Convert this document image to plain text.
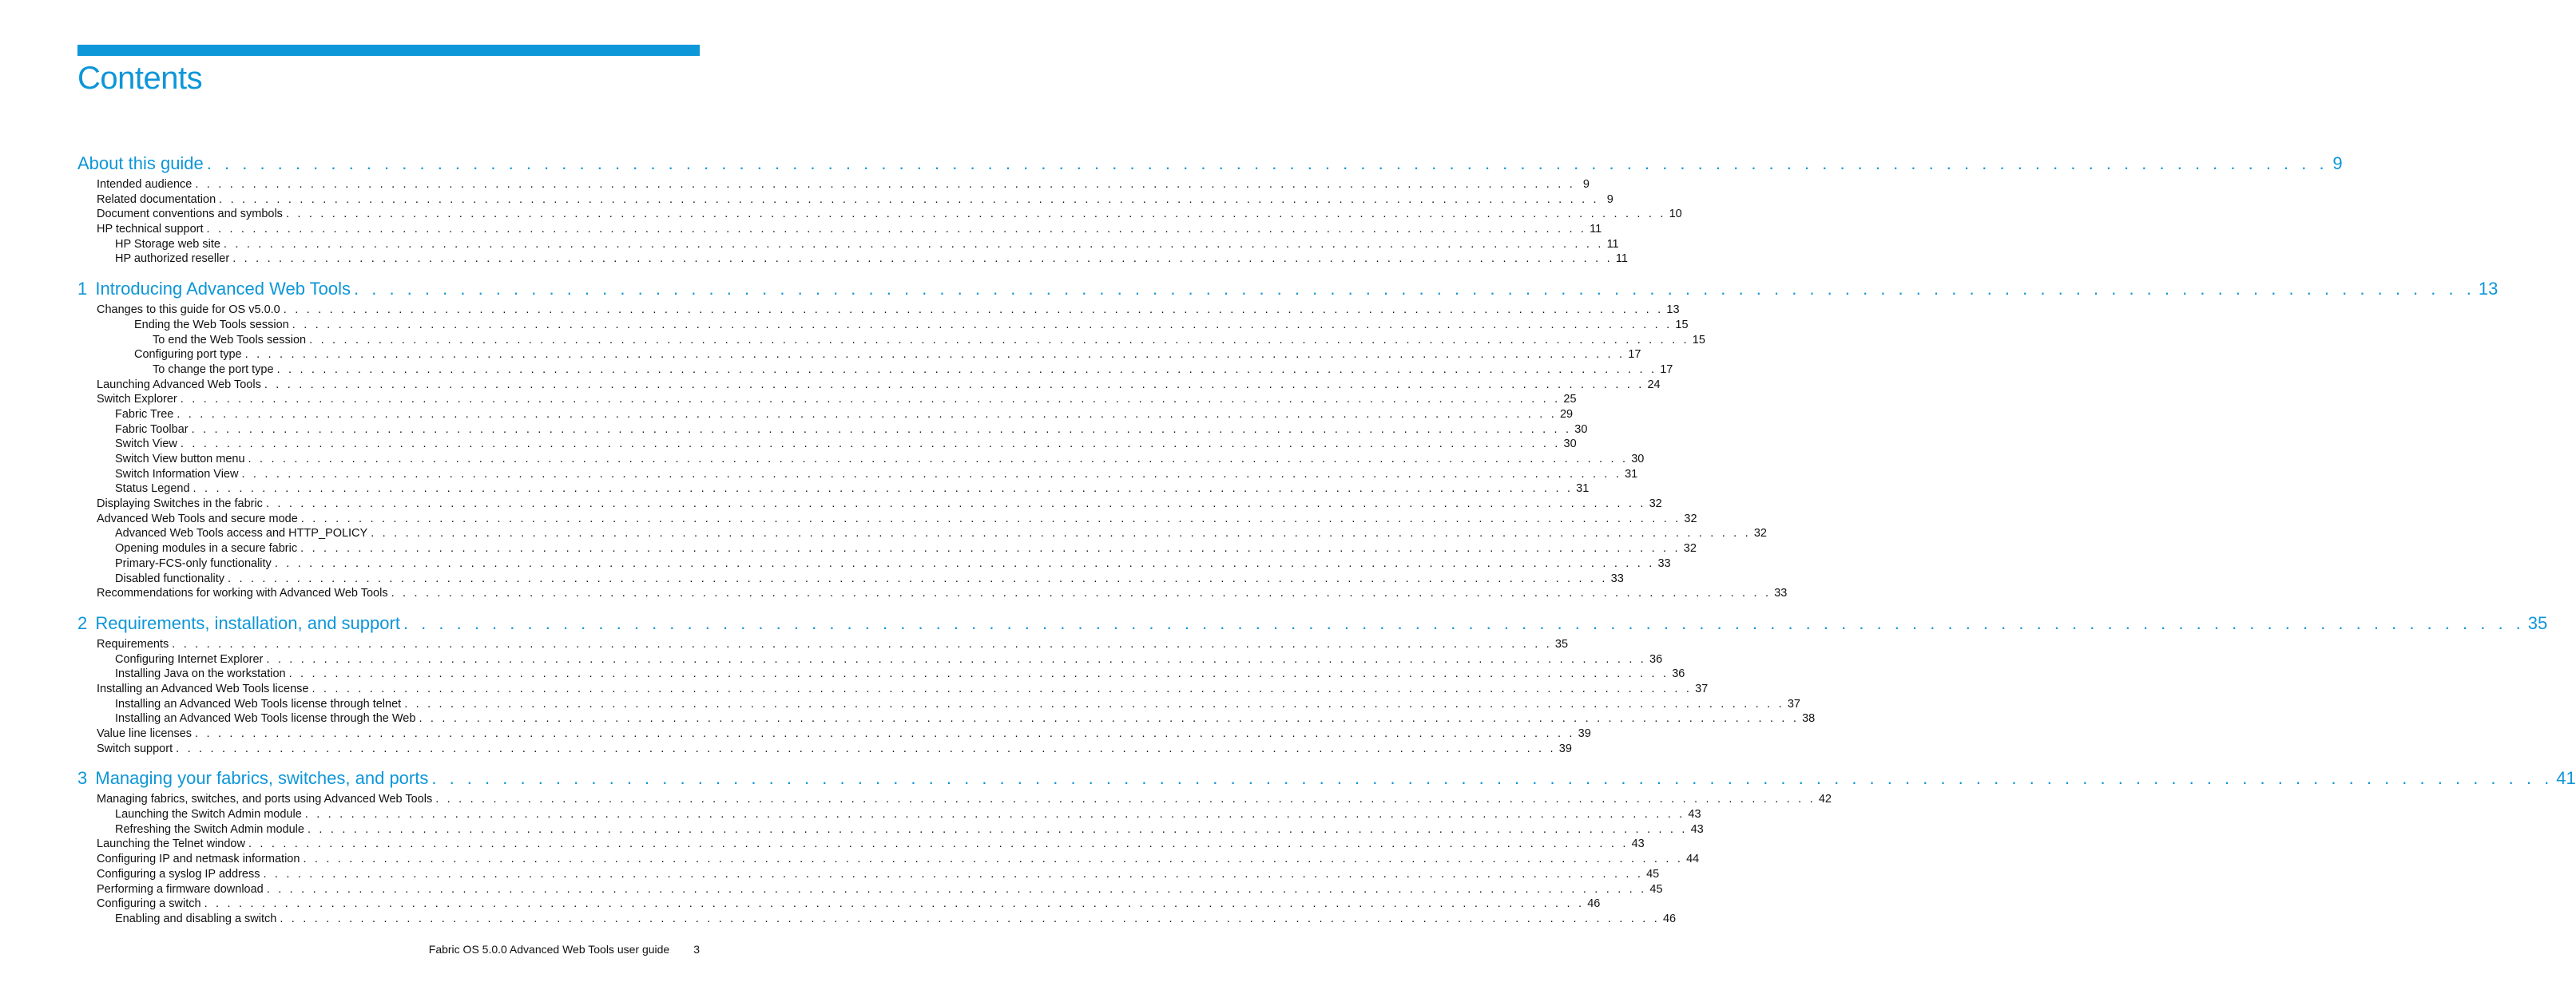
Contents
About this guide . . . . . . . . . . . . . . . . . . . . . . . . . . . . . . . . . . . . . . . . . . . . . . . . . . . . . . . . . . . . . . . . . . . . . . . . . . . . . . . . . . . . . . . . . . . . . . . . . . . . . . . . . . . . . . . . . . . . . . . . 9
Intended audience . . . . . . . . . . . . . . . . . . . . . . . . . . . . . . . . . . . . . . . . . . . . . . . . . . . . . . . . . . . . . . . . . . . . . . . . . . . . . . . . . . . . . . . . . . . . . . . . . . . . . . . . . . . . . . . . . . . . . . . . 9
Related documentation . . . . . . . . . . . . . . . . . . . . . . . . . . . . . . . . . . . . . . . . . . . . . . . . . . . . . . . . . . . . . . . . . . . . . . . . . . . . . . . . . . . . . . . . . . . . . . . . . . . . . . . . . . . . . . . . . . . . . . . . 9
Document conventions and symbols . . . . . . . . . . . . . . . . . . . . . . . . . . . . . . . . . . . . . . . . . . . . . . . . . . . . . . . . . . . . . . . . . . . . . . . . . . . . . . . . . . . . . . . . . . . . . . . . . . . . . . . . . . . . . . . . . . . . . . . . 10
HP technical support . . . . . . . . . . . . . . . . . . . . . . . . . . . . . . . . . . . . . . . . . . . . . . . . . . . . . . . . . . . . . . . . . . . . . . . . . . . . . . . . . . . . . . . . . . . . . . . . . . . . . . . . . . . . . . . . . . . . . . . . 11
HP Storage web site . . . . . . . . . . . . . . . . . . . . . . . . . . . . . . . . . . . . . . . . . . . . . . . . . . . . . . . . . . . . . . . . . . . . . . . . . . . . . . . . . . . . . . . . . . . . . . . . . . . . . . . . . . . . . . . . . . . . . . . . 11
HP authorized reseller . . . . . . . . . . . . . . . . . . . . . . . . . . . . . . . . . . . . . . . . . . . . . . . . . . . . . . . . . . . . . . . . . . . . . . . . . . . . . . . . . . . . . . . . . . . . . . . . . . . . . . . . . . . . . . . . . . . . . . . . 11
1 Introducing Advanced Web Tools . . . . . . . . . . . . . . . . . . . . . . . . . . . . . . . . . . . . . . . . . . . . . . . . . . . . . . . . . . . . . . . . . . . . . . . . . . . . . . . . . . . . . . . . . . . . . . . . . . . . . . . . . . . . . . . . . . . . . . . . 13
Changes to this guide for OS v5.0.0 . . . . . . . . . . . . . . . . . . . . . . . . . . . . . . . . . . . . . . . . . . . . . . . . . . . . . . . . . . . . . . . . . . . . . . . . . . . . . . . . . . . . . . . . . . . . . . . . . . . . . . . . . . . . . . . . . . . . . . . . 13
Ending the Web Tools session . . . . . . . . . . . . . . . . . . . . . . . . . . . . . . . . . . . . . . . . . . . . . . . . . . . . . . . . . . . . . . . . . . . . . . . . . . . . . . . . . . . . . . . . . . . . . . . . . . . . . . . . . . . . . . . . . . . . . . . . 15
To end the Web Tools session . . . . . . . . . . . . . . . . . . . . . . . . . . . . . . . . . . . . . . . . . . . . . . . . . . . . . . . . . . . . . . . . . . . . . . . . . . . . . . . . . . . . . . . . . . . . . . . . . . . . . . . . . . . . . . . . . . . . . . . . 15
Configuring port type . . . . . . . . . . . . . . . . . . . . . . . . . . . . . . . . . . . . . . . . . . . . . . . . . . . . . . . . . . . . . . . . . . . . . . . . . . . . . . . . . . . . . . . . . . . . . . . . . . . . . . . . . . . . . . . . . . . . . . . . 17
To change the port type . . . . . . . . . . . . . . . . . . . . . . . . . . . . . . . . . . . . . . . . . . . . . . . . . . . . . . . . . . . . . . . . . . . . . . . . . . . . . . . . . . . . . . . . . . . . . . . . . . . . . . . . . . . . . . . . . . . . . . . . 17
Launching Advanced Web Tools . . . . . . . . . . . . . . . . . . . . . . . . . . . . . . . . . . . . . . . . . . . . . . . . . . . . . . . . . . . . . . . . . . . . . . . . . . . . . . . . . . . . . . . . . . . . . . . . . . . . . . . . . . . . . . . . . . . . . . . . 24
Switch Explorer . . . . . . . . . . . . . . . . . . . . . . . . . . . . . . . . . . . . . . . . . . . . . . . . . . . . . . . . . . . . . . . . . . . . . . . . . . . . . . . . . . . . . . . . . . . . . . . . . . . . . . . . . . . . . . . . . . . . . . . . 25
Fabric Tree . . . . . . . . . . . . . . . . . . . . . . . . . . . . . . . . . . . . . . . . . . . . . . . . . . . . . . . . . . . . . . . . . . . . . . . . . . . . . . . . . . . . . . . . . . . . . . . . . . . . . . . . . . . . . . . . . . . . . . . . 29
Fabric Toolbar . . . . . . . . . . . . . . . . . . . . . . . . . . . . . . . . . . . . . . . . . . . . . . . . . . . . . . . . . . . . . . . . . . . . . . . . . . . . . . . . . . . . . . . . . . . . . . . . . . . . . . . . . . . . . . . . . . . . . . . . 30
Switch View . . . . . . . . . . . . . . . . . . . . . . . . . . . . . . . . . . . . . . . . . . . . . . . . . . . . . . . . . . . . . . . . . . . . . . . . . . . . . . . . . . . . . . . . . . . . . . . . . . . . . . . . . . . . . . . . . . . . . . . . 30
Switch View button menu . . . . . . . . . . . . . . . . . . . . . . . . . . . . . . . . . . . . . . . . . . . . . . . . . . . . . . . . . . . . . . . . . . . . . . . . . . . . . . . . . . . . . . . . . . . . . . . . . . . . . . . . . . . . . . . . . . . . . . . . 30
Switch Information View . . . . . . . . . . . . . . . . . . . . . . . . . . . . . . . . . . . . . . . . . . . . . . . . . . . . . . . . . . . . . . . . . . . . . . . . . . . . . . . . . . . . . . . . . . . . . . . . . . . . . . . . . . . . . . . . . . . . . . . . 31
Status Legend . . . . . . . . . . . . . . . . . . . . . . . . . . . . . . . . . . . . . . . . . . . . . . . . . . . . . . . . . . . . . . . . . . . . . . . . . . . . . . . . . . . . . . . . . . . . . . . . . . . . . . . . . . . . . . . . . . . . . . . . 31
Displaying Switches in the fabric . . . . . . . . . . . . . . . . . . . . . . . . . . . . . . . . . . . . . . . . . . . . . . . . . . . . . . . . . . . . . . . . . . . . . . . . . . . . . . . . . . . . . . . . . . . . . . . . . . . . . . . . . . . . . . . . . . . . . . . . 32
Advanced Web Tools and secure mode . . . . . . . . . . . . . . . . . . . . . . . . . . . . . . . . . . . . . . . . . . . . . . . . . . . . . . . . . . . . . . . . . . . . . . . . . . . . . . . . . . . . . . . . . . . . . . . . . . . . . . . . . . . . . . . . . . . . . . . . 32
Advanced Web Tools access and HTTP_POLICY . . . . . . . . . . . . . . . . . . . . . . . . . . . . . . . . . . . . . . . . . . . . . . . . . . . . . . . . . . . . . . . . . . . . . . . . . . . . . . . . . . . . . . . . . . . . . . . . . . . . . . . . . . . . . . . . . . . . . . . . 32
Opening modules in a secure fabric . . . . . . . . . . . . . . . . . . . . . . . . . . . . . . . . . . . . . . . . . . . . . . . . . . . . . . . . . . . . . . . . . . . . . . . . . . . . . . . . . . . . . . . . . . . . . . . . . . . . . . . . . . . . . . . . . . . . . . . . 32
Primary-FCS-only functionality . . . . . . . . . . . . . . . . . . . . . . . . . . . . . . . . . . . . . . . . . . . . . . . . . . . . . . . . . . . . . . . . . . . . . . . . . . . . . . . . . . . . . . . . . . . . . . . . . . . . . . . . . . . . . . . . . . . . . . . . 33
Disabled functionality . . . . . . . . . . . . . . . . . . . . . . . . . . . . . . . . . . . . . . . . . . . . . . . . . . . . . . . . . . . . . . . . . . . . . . . . . . . . . . . . . . . . . . . . . . . . . . . . . . . . . . . . . . . . . . . . . . . . . . . . 33
Recommendations for working with Advanced Web Tools . . . . . . . . . . . . . . . . . . . . . . . . . . . . . . . . . . . . . . . . . . . . . . . . . . . . . . . . . . . . . . . . . . . . . . . . . . . . . . . . . . . . . . . . . . . . . . . . . . . . . . . . . . . . . . . . . . . . . . . . 33
2 Requirements, installation, and support . . . . . . . . . . . . . . . . . . . . . . . . . . . . . . . . . . . . . . . . . . . . . . . . . . . . . . . . . . . . . . . . . . . . . . . . . . . . . . . . . . . . . . . . . . . . . . . . . . . . . . . . . . . . . . . . . . . . . . . . 35
Requirements . . . . . . . . . . . . . . . . . . . . . . . . . . . . . . . . . . . . . . . . . . . . . . . . . . . . . . . . . . . . . . . . . . . . . . . . . . . . . . . . . . . . . . . . . . . . . . . . . . . . . . . . . . . . . . . . . . . . . . . . 35
Configuring Internet Explorer . . . . . . . . . . . . . . . . . . . . . . . . . . . . . . . . . . . . . . . . . . . . . . . . . . . . . . . . . . . . . . . . . . . . . . . . . . . . . . . . . . . . . . . . . . . . . . . . . . . . . . . . . . . . . . . . . . . . . . . . 36
Installing Java on the workstation . . . . . . . . . . . . . . . . . . . . . . . . . . . . . . . . . . . . . . . . . . . . . . . . . . . . . . . . . . . . . . . . . . . . . . . . . . . . . . . . . . . . . . . . . . . . . . . . . . . . . . . . . . . . . . . . . . . . . . . . 36
Installing an Advanced Web Tools license . . . . . . . . . . . . . . . . . . . . . . . . . . . . . . . . . . . . . . . . . . . . . . . . . . . . . . . . . . . . . . . . . . . . . . . . . . . . . . . . . . . . . . . . . . . . . . . . . . . . . . . . . . . . . . . . . . . . . . . . 37
Installing an Advanced Web Tools license through telnet . . . . . . . . . . . . . . . . . . . . . . . . . . . . . . . . . . . . . . . . . . . . . . . . . . . . . . . . . . . . . . . . . . . . . . . . . . . . . . . . . . . . . . . . . . . . . . . . . . . . . . . . . . . . . . . . . . . . . . . . 37
Installing an Advanced Web Tools license through the Web . . . . . . . . . . . . . . . . . . . . . . . . . . . . . . . . . . . . . . . . . . . . . . . . . . . . . . . . . . . . . . . . . . . . . . . . . . . . . . . . . . . . . . . . . . . . . . . . . . . . . . . . . . . . . . . . . . . . . . . . 38
Value line licenses . . . . . . . . . . . . . . . . . . . . . . . . . . . . . . . . . . . . . . . . . . . . . . . . . . . . . . . . . . . . . . . . . . . . . . . . . . . . . . . . . . . . . . . . . . . . . . . . . . . . . . . . . . . . . . . . . . . . . . . . 39
Switch support . . . . . . . . . . . . . . . . . . . . . . . . . . . . . . . . . . . . . . . . . . . . . . . . . . . . . . . . . . . . . . . . . . . . . . . . . . . . . . . . . . . . . . . . . . . . . . . . . . . . . . . . . . . . . . . . . . . . . . . . 39
3 Managing your fabrics, switches, and ports . . . . . . . . . . . . . . . . . . . . . . . . . . . . . . . . . . . . . . . . . . . . . . . . . . . . . . . . . . . . . . . . . . . . . . . . . . . . . . . . . . . . . . . . . . . . . . . . . . . . . . . . . . . . . . . . . . . . . . . . 41
Managing fabrics, switches, and ports using Advanced Web Tools . . . . . . . . . . . . . . . . . . . . . . . . . . . . . . . . . . . . . . . . . . . . . . . . . . . . . . . . . . . . . . . . . . . . . . . . . . . . . . . . . . . . . . . . . . . . . . . . . . . . . . . . . . . . . . . . . . . . . . . . 42
Launching the Switch Admin module . . . . . . . . . . . . . . . . . . . . . . . . . . . . . . . . . . . . . . . . . . . . . . . . . . . . . . . . . . . . . . . . . . . . . . . . . . . . . . . . . . . . . . . . . . . . . . . . . . . . . . . . . . . . . . . . . . . . . . . . 43
Refreshing the Switch Admin module . . . . . . . . . . . . . . . . . . . . . . . . . . . . . . . . . . . . . . . . . . . . . . . . . . . . . . . . . . . . . . . . . . . . . . . . . . . . . . . . . . . . . . . . . . . . . . . . . . . . . . . . . . . . . . . . . . . . . . . . 43
Launching the Telnet window . . . . . . . . . . . . . . . . . . . . . . . . . . . . . . . . . . . . . . . . . . . . . . . . . . . . . . . . . . . . . . . . . . . . . . . . . . . . . . . . . . . . . . . . . . . . . . . . . . . . . . . . . . . . . . . . . . . . . . . . 43
Configuring IP and netmask information . . . . . . . . . . . . . . . . . . . . . . . . . . . . . . . . . . . . . . . . . . . . . . . . . . . . . . . . . . . . . . . . . . . . . . . . . . . . . . . . . . . . . . . . . . . . . . . . . . . . . . . . . . . . . . . . . . . . . . . . 44
Configuring a syslog IP address . . . . . . . . . . . . . . . . . . . . . . . . . . . . . . . . . . . . . . . . . . . . . . . . . . . . . . . . . . . . . . . . . . . . . . . . . . . . . . . . . . . . . . . . . . . . . . . . . . . . . . . . . . . . . . . . . . . . . . . . 45
Performing a firmware download . . . . . . . . . . . . . . . . . . . . . . . . . . . . . . . . . . . . . . . . . . . . . . . . . . . . . . . . . . . . . . . . . . . . . . . . . . . . . . . . . . . . . . . . . . . . . . . . . . . . . . . . . . . . . . . . . . . . . . . . 45
Configuring a switch . . . . . . . . . . . . . . . . . . . . . . . . . . . . . . . . . . . . . . . . . . . . . . . . . . . . . . . . . . . . . . . . . . . . . . . . . . . . . . . . . . . . . . . . . . . . . . . . . . . . . . . . . . . . . . . . . . . . . . . . 46
Enabling and disabling a switch . . . . . . . . . . . . . . . . . . . . . . . . . . . . . . . . . . . . . . . . . . . . . . . . . . . . . . . . . . . . . . . . . . . . . . . . . . . . . . . . . . . . . . . . . . . . . . . . . . . . . . . . . . . . . . . . . . . . . . . . 46
Fabric OS 5.0.0 Advanced Web Tools user guide 3
